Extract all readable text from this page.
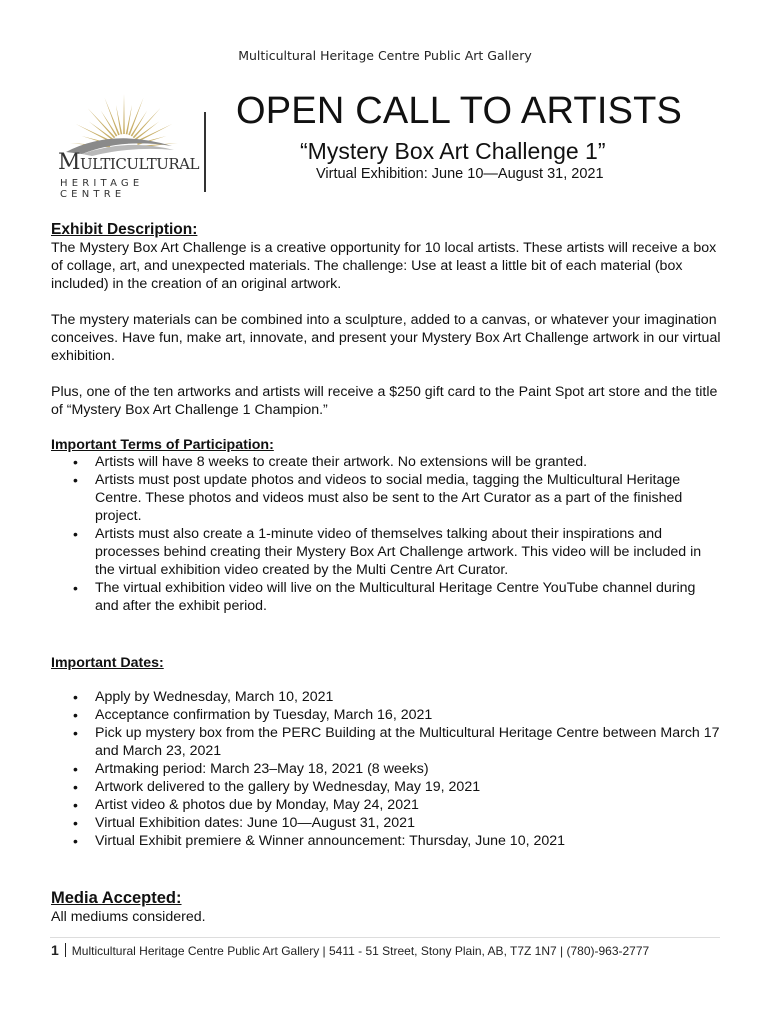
Multicultural Heritage Centre Public Art Gallery
Multicultural
HERITAGE CENTRE
OPEN CALL TO ARTISTS
“Mystery Box Art Challenge 1”
Virtual Exhibition: June 10—August 31, 2021
Exhibit Description:

The Mystery Box Art Challenge is a creative opportunity for 10 local artists. These artists will receive a box of collage, art, and unexpected materials. The challenge: Use at least a little bit of each material (box included) in the creation of an original artwork.

The mystery materials can be combined into a sculpture, added to a canvas, or whatever your imagination conceives. Have fun, make art, innovate, and present your Mystery Box Art Challenge artwork in our virtual exhibition.

Plus, one of the ten artworks and artists will receive a $250 gift card to the Paint Spot art store and the title of “Mystery Box Art Challenge 1 Champion.”

Important Terms of Participation:
• Artists will have 8 weeks to create their artwork. No extensions will be granted.
• Artists must post update photos and videos to social media, tagging the Multicultural Heritage Centre. These photos and videos must also be sent to the Art Curator as a part of the finished project.
• Artists must also create a 1-minute video of themselves talking about their inspirations and processes behind creating their Mystery Box Art Challenge artwork. This video will be included in the virtual exhibition video created by the Multi Centre Art Curator.
• The virtual exhibition video will live on the Multicultural Heritage Centre YouTube channel during and after the exhibit period.
Important Dates:
• Apply by Wednesday, March 10, 2021
• Acceptance confirmation by Tuesday, March 16, 2021
• Pick up mystery box from the PERC Building at the Multicultural Heritage Centre between March 17 and March 23, 2021
• Artmaking period: March 23–May 18, 2021 (8 weeks)
• Artwork delivered to the gallery by Wednesday, May 19, 2021
• Artist video & photos due by Monday, May 24, 2021
• Virtual Exhibition dates: June 10—August 31, 2021
• Virtual Exhibit premiere & Winner announcement: Thursday, June 10, 2021
Media Accepted:

All mediums considered.

1 Multicultural Heritage Centre Public Art Gallery | 5411 - 51 Street, Stony Plain, AB, T7Z 1N7 | (780)-963-2777
